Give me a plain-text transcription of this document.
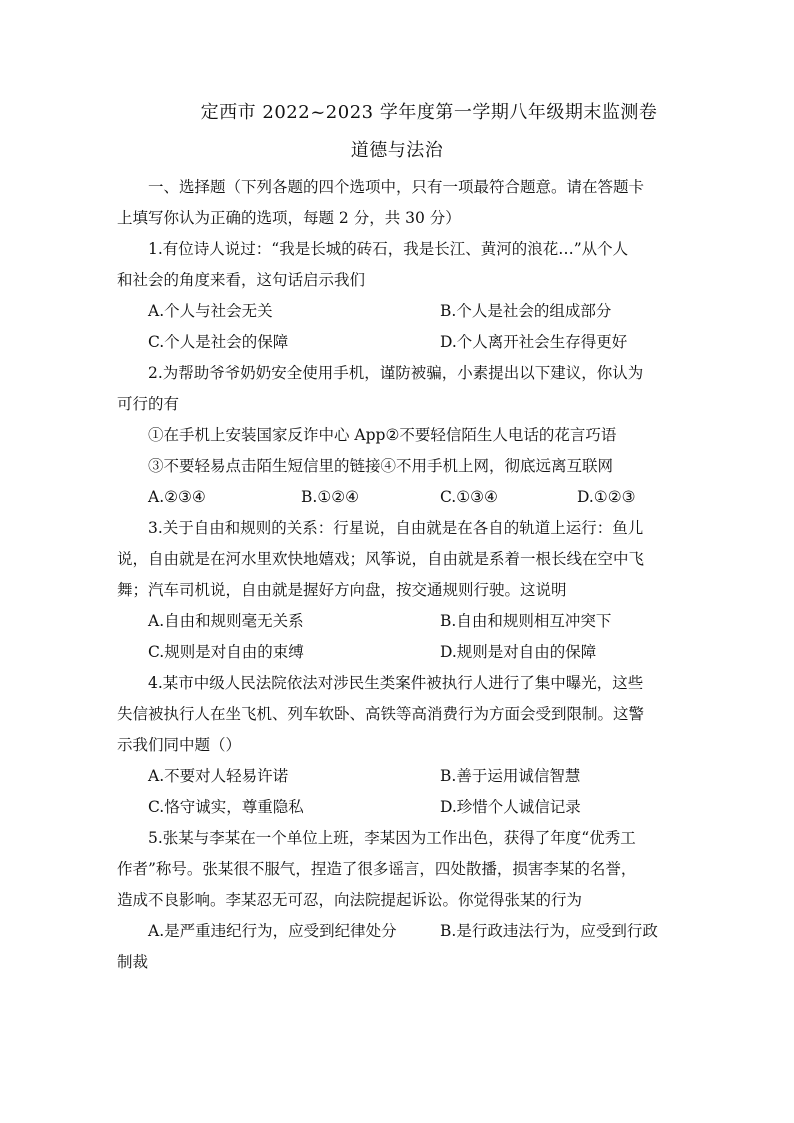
定西市 2022~2023 学年度第一学期八年级期末监测卷
道德与法治
一、选择题（下列各题的四个选项中，只有一项最符合题意。请在答题卡
上填写你认为正确的选项，每题 2 分，共 30 分）
1.有位诗人说过：“我是长城的砖石，我是长江、黄河的浪花…”从个人
和社会的角度来看，这句话启示我们
A.个人与社会无关	B.个人是社会的组成部分
C.个人是社会的保障	D.个人离开社会生存得更好
2.为帮助爷爷奶奶安全使用手机，谨防被骗，小素提出以下建议，你认为
可行的有
①在手机上安装国家反诈中心 App②不要轻信陌生人电话的花言巧语
③不要轻易点击陌生短信里的链接④不用手机上网，彻底远离互联网
A.②③④	B.①②④	C.①③④	D.①②③
3.关于自由和规则的关系：行星说，自由就是在各自的轨道上运行：鱼儿
说，自由就是在河水里欢快地嬉戏；风筝说，自由就是系着一根长线在空中飞
舞；汽车司机说，自由就是握好方向盘，按交通规则行驶。这说明
A.自由和规则毫无关系	B.自由和规则相互冲突下
C.规则是对自由的束缚	D.规则是对自由的保障
4.某市中级人民法院依法对涉民生类案件被执行人进行了集中曝光，这些
失信被执行人在坐飞机、列车软卧、高铁等高消费行为方面会受到限制。这警
示我们同中题（）
A.不要对人轻易许诺	B.善于运用诚信智慧
C.恪守诚实，尊重隐私	D.珍惜个人诚信记录
5.张某与李某在一个单位上班，李某因为工作出色，获得了年度“优秀工
作者”称号。张某很不服气，捏造了很多谣言，四处散播，损害李某的名誉，
造成不良影响。李某忍无可忍，向法院提起诉讼。你觉得张某的行为
A.是严重违纪行为，应受到纪律处分	B.是行政违法行为，应受到行政
制裁
